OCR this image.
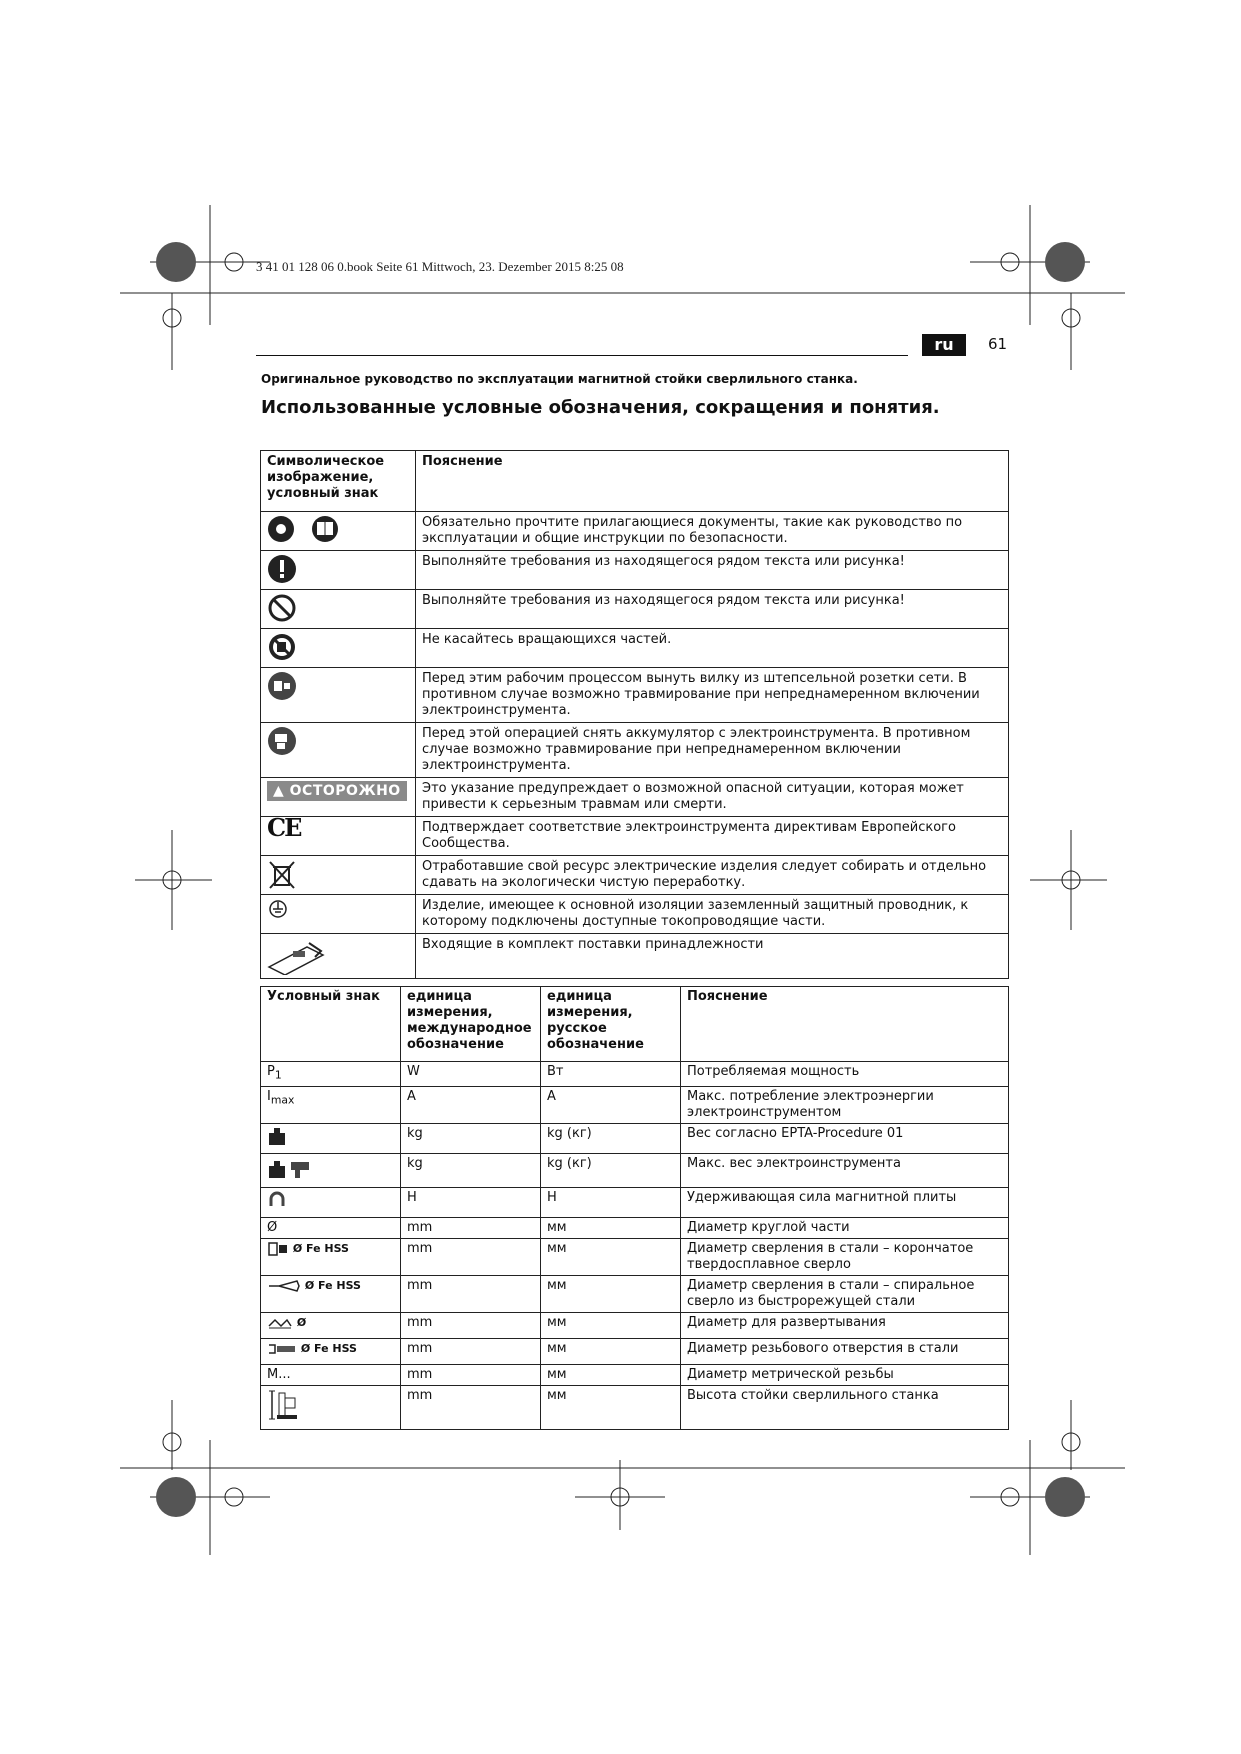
3 41 01 128 06 0.book Seite 61 Mittwoch, 23. Dezember 2015 8:25 08
ru	61
Оригинальное руководство по эксплуатации магнитной стойки сверлильного станка.
Использованные условные обозначения, сокращения и понятия.
Символическое изображение, условный знак	Пояснение

	Обязательно прочтите прилагающиеся документы, такие как руководство по эксплуатации и общие инструкции по безопасности.

	Выполняйте требования из находящегося рядом текста или рисунка!

	Выполняйте требования из находящегося рядом текста или рисунка!

	Не касайтесь вращающихся частей.

	Перед этим рабочим процессом вынуть вилку из штепсельной розетки сети. В противном случае возможно травмирование при непреднамеренном включении электроинструмента.

	Перед этой операцией снять аккумулятор с электроинструмента. В противном случае возможно травмирование при непреднамеренном включении электроинструмента.
▲ ОСТОРОЖНО	Это указание предупреждает о возможной опасной ситуации, которая может привести к серьезным травмам или смерти.
CE	Подтверждает соответствие электроинструмента директивам Европейского Сообщества.

	Отработавшие свой ресурс электрические изделия следует собирать и отдельно сдавать на экологически чистую переработку.

	Изделие, имеющее к основной изоляции заземленный защитный проводник, к которому подключены доступные токопроводящие части.

	Входящие в комплект поставки принадлежности
Условный знак	единица измерения, международное обозначение	единица измерения, русское обозначение	Пояснение
$P_1$	W	Вт	Потребляемая мощность
$I_{max}$	A	A	Макс. потребление электроэнергии электроинструментом
	kg	kg (кг)	Вес согласно EPTA-Procedure 01
	kg	kg (кг)	Макс. вес электроинструмента
	H	H	Удерживающая сила магнитной плиты
Ø	mm	мм	Диаметр круглой части
Ø Fe HSS	mm	мм	Диаметр сверления в стали – корончатое твердосплавное сверло
Ø Fe HSS	mm	мм	Диаметр сверления в стали – спиральное сверло из быстрорежущей стали
Ø	mm	мм	Диаметр для развертывания
Ø Fe HSS	mm	мм	Диаметр резьбового отверстия в стали
M...	mm	мм	Диаметр метрической резьбы
	mm	мм	Высота стойки сверлильного станка
